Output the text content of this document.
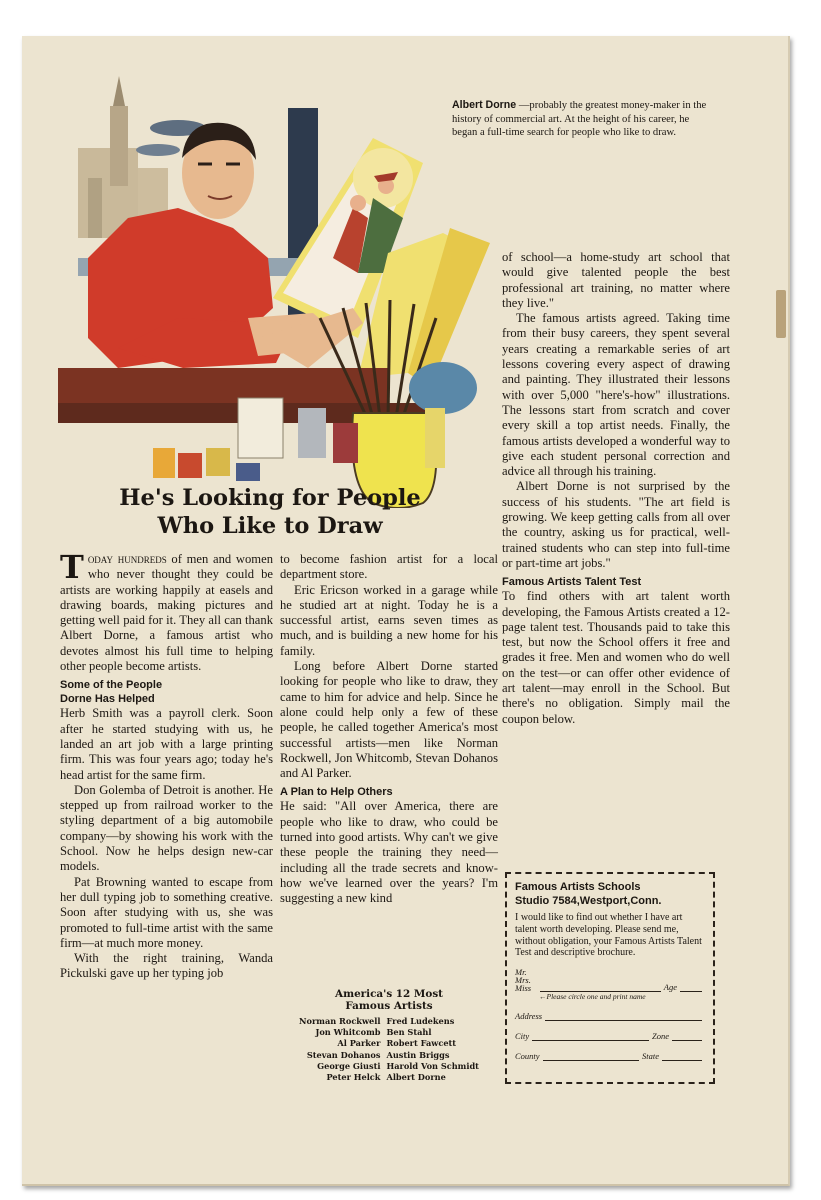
Albert Dorne —probably the greatest money-maker in the history of commercial art. At the height of his career, he began a full-time search for people who like to draw.
He's Looking for People
Who Like to Draw

Today hundreds of men and women who never thought they could be artists are working happily at easels and drawing boards, making pictures and getting well paid for it. They all can thank Albert Dorne, a famous artist who devotes almost his full time to helping other people become artists.

Some of the People
Dorne Has Helped

Herb Smith was a payroll clerk. Soon after he started studying with us, he landed an art job with a large printing firm. This was four years ago; today he's head artist for the same firm.

Don Golemba of Detroit is another. He stepped up from railroad worker to the styling department of a big automobile company—by showing his work with the School. Now he helps design new-car models.

Pat Browning wanted to escape from her dull typing job to something creative. Soon after studying with us, she was promoted to full-time artist with the same firm—at much more money.

With the right training, Wanda Pickulski gave up her typing job

to become fashion artist for a local department store.

Eric Ericson worked in a garage while he studied art at night. Today he is a successful artist, earns seven times as much, and is building a new home for his family.

Long before Albert Dorne started looking for people who like to draw, they came to him for advice and help. Since he alone could help only a few of these people, he called together America's most successful artists—men like Norman Rockwell, Jon Whitcomb, Stevan Dohanos and Al Parker.

A Plan to Help Others

He said: "All over America, there are people who like to draw, who could be turned into good artists. Why can't we give these people the training they need—including all the trade secrets and know-how we've learned over the years? I'm suggesting a new kind

America's 12 Most
Famous Artists
Norman Rockwell	Fred Ludekens
Jon Whitcomb	Ben Stahl
Al Parker	Robert Fawcett
Stevan Dohanos	Austin Briggs
George Giusti	Harold Von Schmidt
Peter Helck	Albert Dorne

of school—a home-study art school that would give talented people the best professional art training, no matter where they live."

The famous artists agreed. Taking time from their busy careers, they spent several years creating a remarkable series of art lessons covering every aspect of drawing and painting. They illustrated their lessons with over 5,000 "here's-how" illustrations. The lessons start from scratch and cover every skill a top artist needs. Finally, the famous artists developed a wonderful way to give each student personal correction and advice all through his training.

Albert Dorne is not surprised by the success of his students. "The art field is growing. We keep getting calls from all over the country, asking us for practical, well-trained students who can step into full-time or part-time art jobs."

Famous Artists Talent Test

To find others with art talent worth developing, the Famous Artists created a 12-page talent test. Thousands paid to take this test, but now the School offers it free and grades it free. Men and women who do well on the test—or can offer other evidence of art talent—may enroll in the School. But there's no obligation. Simply mail the coupon below.

Famous Artists Schools
Studio 7584,Westport,Conn.
I would like to find out whether I have art talent worth developing. Please send me, without obligation, your Famous Artists Talent Test and descriptive brochure.
Mr. Mrs. Miss	Age
←Please circle one and print name
Address
City	Zone
County	State
